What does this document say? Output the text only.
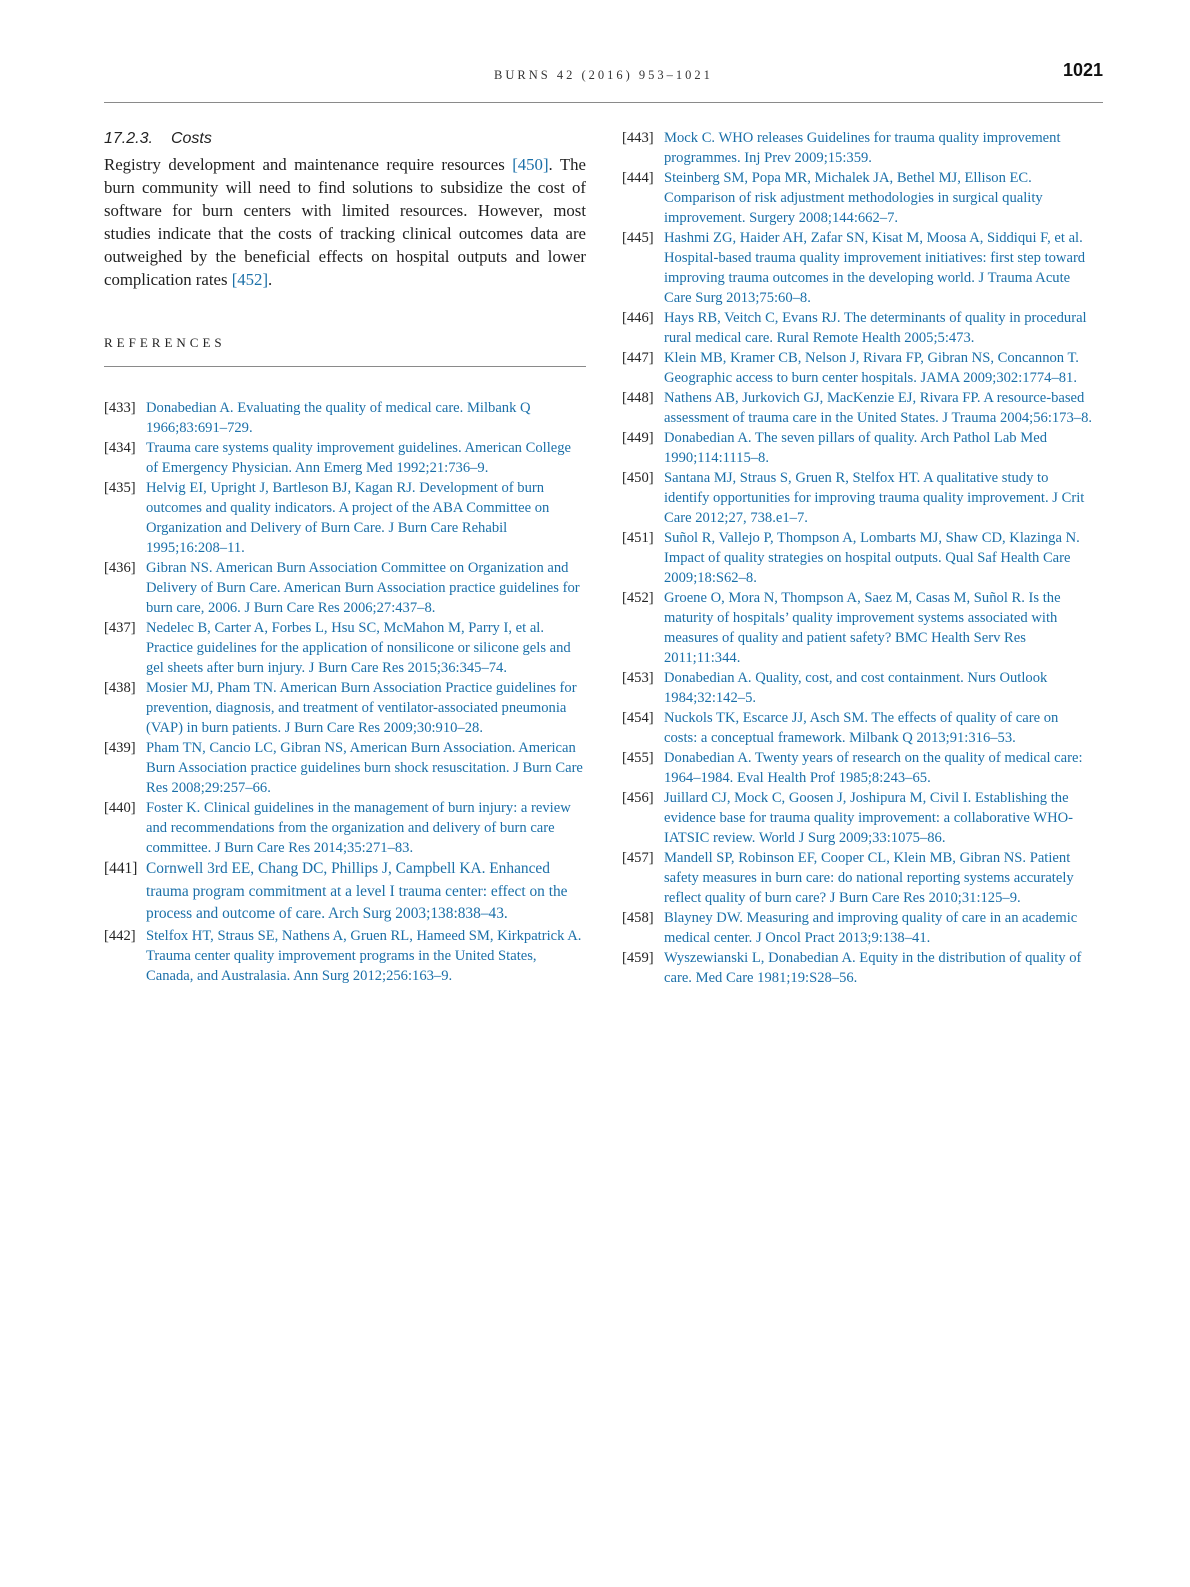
BURNS 42 (2016) 953–1021	1021
17.2.3. Costs

Registry development and maintenance require resources [450]. The burn community will need to find solutions to subsidize the cost of software for burn centers with limited resources. However, most studies indicate that the costs of tracking clinical outcomes data are outweighed by the beneficial effects on hospital outputs and lower complication rates [452].

REFERENCES
[433] Donabedian A. Evaluating the quality of medical care. Milbank Q 1966;83:691–729.
[434] Trauma care systems quality improvement guidelines. American College of Emergency Physician. Ann Emerg Med 1992;21:736–9.
[435] Helvig EI, Upright J, Bartleson BJ, Kagan RJ. Development of burn outcomes and quality indicators. A project of the ABA Committee on Organization and Delivery of Burn Care. J Burn Care Rehabil 1995;16:208–11.
[436] Gibran NS. American Burn Association Committee on Organization and Delivery of Burn Care. American Burn Association practice guidelines for burn care, 2006. J Burn Care Res 2006;27:437–8.
[437] Nedelec B, Carter A, Forbes L, Hsu SC, McMahon M, Parry I, et al. Practice guidelines for the application of nonsilicone or silicone gels and gel sheets after burn injury. J Burn Care Res 2015;36:345–74.
[438] Mosier MJ, Pham TN. American Burn Association Practice guidelines for prevention, diagnosis, and treatment of ventilator-associated pneumonia (VAP) in burn patients. J Burn Care Res 2009;30:910–28.
[439] Pham TN, Cancio LC, Gibran NS, American Burn Association. American Burn Association practice guidelines burn shock resuscitation. J Burn Care Res 2008;29:257–66.
[440] Foster K. Clinical guidelines in the management of burn injury: a review and recommendations from the organization and delivery of burn care committee. J Burn Care Res 2014;35:271–83.
[441] Cornwell 3rd EE, Chang DC, Phillips J, Campbell KA. Enhanced trauma program commitment at a level I trauma center: effect on the process and outcome of care. Arch Surg 2003;138:838–43.
[442] Stelfox HT, Straus SE, Nathens A, Gruen RL, Hameed SM, Kirkpatrick A. Trauma center quality improvement programs in the United States, Canada, and Australasia. Ann Surg 2012;256:163–9.
[443] Mock C. WHO releases Guidelines for trauma quality improvement programmes. Inj Prev 2009;15:359.
[444] Steinberg SM, Popa MR, Michalek JA, Bethel MJ, Ellison EC. Comparison of risk adjustment methodologies in surgical quality improvement. Surgery 2008;144:662–7.
[445] Hashmi ZG, Haider AH, Zafar SN, Kisat M, Moosa A, Siddiqui F, et al. Hospital-based trauma quality improvement initiatives: first step toward improving trauma outcomes in the developing world. J Trauma Acute Care Surg 2013;75:60–8.
[446] Hays RB, Veitch C, Evans RJ. The determinants of quality in procedural rural medical care. Rural Remote Health 2005;5:473.
[447] Klein MB, Kramer CB, Nelson J, Rivara FP, Gibran NS, Concannon T. Geographic access to burn center hospitals. JAMA 2009;302:1774–81.
[448] Nathens AB, Jurkovich GJ, MacKenzie EJ, Rivara FP. A resource-based assessment of trauma care in the United States. J Trauma 2004;56:173–8.
[449] Donabedian A. The seven pillars of quality. Arch Pathol Lab Med 1990;114:1115–8.
[450] Santana MJ, Straus S, Gruen R, Stelfox HT. A qualitative study to identify opportunities for improving trauma quality improvement. J Crit Care 2012;27, 738.e1–7.
[451] Suñol R, Vallejo P, Thompson A, Lombarts MJ, Shaw CD, Klazinga N. Impact of quality strategies on hospital outputs. Qual Saf Health Care 2009;18:S62–8.
[452] Groene O, Mora N, Thompson A, Saez M, Casas M, Suñol R. Is the maturity of hospitals’ quality improvement systems associated with measures of quality and patient safety? BMC Health Serv Res 2011;11:344.
[453] Donabedian A. Quality, cost, and cost containment. Nurs Outlook 1984;32:142–5.
[454] Nuckols TK, Escarce JJ, Asch SM. The effects of quality of care on costs: a conceptual framework. Milbank Q 2013;91:316–53.
[455] Donabedian A. Twenty years of research on the quality of medical care: 1964–1984. Eval Health Prof 1985;8:243–65.
[456] Juillard CJ, Mock C, Goosen J, Joshipura M, Civil I. Establishing the evidence base for trauma quality improvement: a collaborative WHO-IATSIC review. World J Surg 2009;33:1075–86.
[457] Mandell SP, Robinson EF, Cooper CL, Klein MB, Gibran NS. Patient safety measures in burn care: do national reporting systems accurately reflect quality of burn care? J Burn Care Res 2010;31:125–9.
[458] Blayney DW. Measuring and improving quality of care in an academic medical center. J Oncol Pract 2013;9:138–41.
[459] Wyszewianski L, Donabedian A. Equity in the distribution of quality of care. Med Care 1981;19:S28–56.
